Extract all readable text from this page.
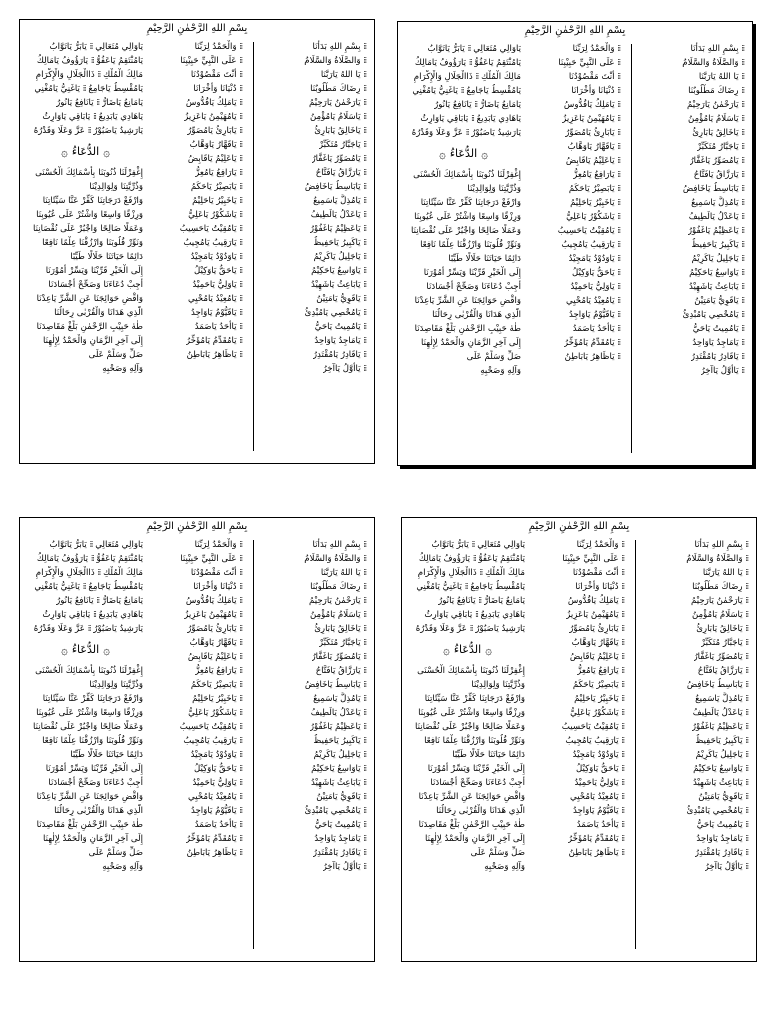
بِسْمِ اللهِ الرَّحْمٰنِ الرَّحِيْمِ
⁞⁞
بِسْمِ اللهِ بَدَأْنَا
⁞⁞
وَالصَّلَاةُ وَالسَّلَامُ
⁞⁞
يَا اللهُ يَارَبَّنَا
⁞⁞
رِضَاكَ مَطْلُوبُنَا
⁞⁞
يَارَحْمٰنُ يَارَحِيْمُ
⁞⁞
يَاسَلَامُ يَامُؤْمِنُ
⁞⁞
يَاخَالِقُ يَابَارِئُ
⁞⁞
يَاجَبَّارُ مُتَكَبِّرْ
⁞⁞
يَامُصَوِّرُ يَاغَفَّارُ
⁞⁞
يَارَزَّاقُ يَافَتَّاحُ
⁞⁞
يَابَاسِطُ يَاخَافِضُ
⁞⁞
يَامُذِلُّ يَاسَمِيعُ
⁞⁞
يَاعَدْلُ يَالَطِيفُ
⁞⁞
يَاعَظِيْمُ يَاغَفُوْرُ
⁞⁞
يَاكَبِيرُ يَاحَفِيظُ
⁞⁞
يَاجَلِيلُ يَاكَرِيْمُ
⁞⁞
يَاوَاسِعُ يَاحَكِيْمُ
⁞⁞
يَابَاعِثُ يَاشَهِيْدُ
⁞⁞
يَاقَوِيُّ يَامَتِيْنُ
⁞⁞
يَامُحْصِي يَامُبْدِئُ
⁞⁞
يَامُمِيتُ يَاحَيُّ
⁞⁞
يَامَاجِدُ يَاوَاحِدُ
⁞⁞
يَاقَادِرُ يَامُقْتَدِرُ
⁞⁞
يَاأَوَّلُ يَاآخِرُ
⁞⁞
وَالْحَمْدُ لِرَبِّنَا
⁞⁞
عَلَى النَّبِيِّ حَبِيْبِنَا
⁞⁞
أَنْتَ مَقْصُوْدُنَا
⁞⁞
دُنْيَانَا وَأُخْرَانَا
⁞⁞
يَامَلِكُ يَاقُدُّوسُ
⁞⁞
يَامُهَيْمِنُ يَاعَزِيزُ
⁞⁞
يَابَارِئُ يَامُصَوِّرُ
⁞⁞
يَاقَهَّارُ يَاوَهَّابُ
⁞⁞
يَاعَلِيْمُ يَاقَابِضُ
⁞⁞
يَارَافِعُ يَامُعِزُّ
⁞⁞
يَابَصِيْرُ يَاحَكَمُ
⁞⁞
يَاخَبِيْرُ يَاحَلِيْمُ
⁞⁞
يَاشَكُوْرُ يَاعَلِيُّ
⁞⁞
يَامُقِيْتُ يَاحَسِيبُ
⁞⁞
يَارَقِيبُ يَامُجِيبُ
⁞⁞
يَاوَدُوْدُ يَامَجِيْدُ
⁞⁞
يَاحَقُّ يَاوَكِيْلُ
⁞⁞
يَاوَلِيُّ يَاحَمِيْدُ
⁞⁞
يَامُعِيْدُ يَامُحْيِي
⁞⁞
يَاقَيُّوْمُ يَاوَاجِدُ
⁞⁞
يَاأَحَدُ يَاصَمَدُ
⁞⁞
يَامُقَدِّمُ يَامُؤَخِّرُ
⁞⁞
يَاظَاهِرُ يَابَاطِنُ
يَاوَالِي مُتَعَالِي
⁞⁞
يَابَرُّ يَاتَوَّابُ
يَامُنْتَقِمُ يَاعَفُوُّ
⁞⁞
يَارَؤُوفُ يَامَالِكُ
مَالِكَ الْمُلْكِ
⁞⁞
ذَاالْجَلَالِ وَالْإِكْرَامِ
يَامُقْسِطُ يَاجَامِعُ
⁞⁞
يَاغَنِيُّ يَامُغْنِي
يَامَانِعُ يَاضَارُّ
⁞⁞
يَانَافِعُ يَانُورُ
يَاهَادِي يَابَدِيعُ
⁞⁞
يَابَاقِي يَاوَارِثُ
يَارَشِيدُ يَاصَبُوْرُ
⁞⁞
عَزَّ وَعَلَا وَقَدْرُهُ
۞
الدُّعَاءُ
۞
إِغْفِرْلَنَا ذُنُوبَنَا
بِأَسْمَائِكَ الْحُسْنَى
وَذُرِّيَّتِنَا
وَلِوَالِدِيْنَا
وَارْفَعْ دَرَجَاتِنَا
كَفِّرْ عَنَّا سَيِّئَاتِنَا
وَرِزْقًا وَاسِعًا
وَاشْتُرْ عَلَى عُيُوبِنَا
وَعَمَلًا صَالِحًا
وَاجْبُرْ عَلَى نُقْصَانِنَا
وَنَوِّرْ قُلُوبَنَا
وَارْزُقْنَا عِلْمًا نَافِعًا
دَائِمًا حَيَاتَنَا
حَلَالًا طَيِّبًا
إِلَى الْخَيْرِ قَرِّبْنَا
وَيَسِّرْ أُمُوْرَنَا
أَجِبْ دُعَاءَنَا
وَصَحِّحْ أَجْسَادَنَا
وَاقْضِ حَوَائِجَنَا
عَنِ الشَّرِّ يَاعِدْنَا
الَّذِي هَدَانَا
وَالْقُرْبٰى رِحَالُنَا
طٰهٰ حَبِيْبِ الرَّحْمٰنِ
بَلِّغْ مَقَاصِدَنَا
إِلَى آخِرِ الزَّمَانِ
وَالْحَمْدُ لِإِلٰهِنَا
صَلِّ وَسَلِّمْ عَلَى
وَآلِهِ وَصَحْبِهِ
بِسْمِ اللهِ الرَّحْمٰنِ الرَّحِيْمِ
⁞⁞
بِسْمِ اللهِ بَدَأْنَا
⁞⁞
وَالصَّلَاةُ وَالسَّلَامُ
⁞⁞
يَا اللهُ يَارَبَّنَا
⁞⁞
رِضَاكَ مَطْلُوبُنَا
⁞⁞
يَارَحْمٰنُ يَارَحِيْمُ
⁞⁞
يَاسَلَامُ يَامُؤْمِنُ
⁞⁞
يَاخَالِقُ يَابَارِئُ
⁞⁞
يَاجَبَّارُ مُتَكَبِّرْ
⁞⁞
يَامُصَوِّرُ يَاغَفَّارُ
⁞⁞
يَارَزَّاقُ يَافَتَّاحُ
⁞⁞
يَابَاسِطُ يَاخَافِضُ
⁞⁞
يَامُذِلُّ يَاسَمِيعُ
⁞⁞
يَاعَدْلُ يَالَطِيفُ
⁞⁞
يَاعَظِيْمُ يَاغَفُوْرُ
⁞⁞
يَاكَبِيرُ يَاحَفِيظُ
⁞⁞
يَاجَلِيلُ يَاكَرِيْمُ
⁞⁞
يَاوَاسِعُ يَاحَكِيْمُ
⁞⁞
يَابَاعِثُ يَاشَهِيْدُ
⁞⁞
يَاقَوِيُّ يَامَتِيْنُ
⁞⁞
يَامُحْصِي يَامُبْدِئُ
⁞⁞
يَامُمِيتُ يَاحَيُّ
⁞⁞
يَامَاجِدُ يَاوَاحِدُ
⁞⁞
يَاقَادِرُ يَامُقْتَدِرُ
⁞⁞
يَاأَوَّلُ يَاآخِرُ
⁞⁞
وَالْحَمْدُ لِرَبِّنَا
⁞⁞
عَلَى النَّبِيِّ حَبِيْبِنَا
⁞⁞
أَنْتَ مَقْصُوْدُنَا
⁞⁞
دُنْيَانَا وَأُخْرَانَا
⁞⁞
يَامَلِكُ يَاقُدُّوسُ
⁞⁞
يَامُهَيْمِنُ يَاعَزِيزُ
⁞⁞
يَابَارِئُ يَامُصَوِّرُ
⁞⁞
يَاقَهَّارُ يَاوَهَّابُ
⁞⁞
يَاعَلِيْمُ يَاقَابِضُ
⁞⁞
يَارَافِعُ يَامُعِزُّ
⁞⁞
يَابَصِيْرُ يَاحَكَمُ
⁞⁞
يَاخَبِيْرُ يَاحَلِيْمُ
⁞⁞
يَاشَكُوْرُ يَاعَلِيُّ
⁞⁞
يَامُقِيْتُ يَاحَسِيبُ
⁞⁞
يَارَقِيبُ يَامُجِيبُ
⁞⁞
يَاوَدُوْدُ يَامَجِيْدُ
⁞⁞
يَاحَقُّ يَاوَكِيْلُ
⁞⁞
يَاوَلِيُّ يَاحَمِيْدُ
⁞⁞
يَامُعِيْدُ يَامُحْيِي
⁞⁞
يَاقَيُّوْمُ يَاوَاجِدُ
⁞⁞
يَاأَحَدُ يَاصَمَدُ
⁞⁞
يَامُقَدِّمُ يَامُؤَخِّرُ
⁞⁞
يَاظَاهِرُ يَابَاطِنُ
يَاوَالِي مُتَعَالِي
⁞⁞
يَابَرُّ يَاتَوَّابُ
يَامُنْتَقِمُ يَاعَفُوُّ
⁞⁞
يَارَؤُوفُ يَامَالِكُ
مَالِكَ الْمُلْكِ
⁞⁞
ذَاالْجَلَالِ وَالْإِكْرَامِ
يَامُقْسِطُ يَاجَامِعُ
⁞⁞
يَاغَنِيُّ يَامُغْنِي
يَامَانِعُ يَاضَارُّ
⁞⁞
يَانَافِعُ يَانُورُ
يَاهَادِي يَابَدِيعُ
⁞⁞
يَابَاقِي يَاوَارِثُ
يَارَشِيدُ يَاصَبُوْرُ
⁞⁞
عَزَّ وَعَلَا وَقَدْرُهُ
۞
الدُّعَاءُ
۞
إِغْفِرْلَنَا ذُنُوبَنَا
بِأَسْمَائِكَ الْحُسْنَى
وَذُرِّيَّتِنَا
وَلِوَالِدِيْنَا
وَارْفَعْ دَرَجَاتِنَا
كَفِّرْ عَنَّا سَيِّئَاتِنَا
وَرِزْقًا وَاسِعًا
وَاشْتُرْ عَلَى عُيُوبِنَا
وَعَمَلًا صَالِحًا
وَاجْبُرْ عَلَى نُقْصَانِنَا
وَنَوِّرْ قُلُوبَنَا
وَارْزُقْنَا عِلْمًا نَافِعًا
دَائِمًا حَيَاتَنَا
حَلَالًا طَيِّبًا
إِلَى الْخَيْرِ قَرِّبْنَا
وَيَسِّرْ أُمُوْرَنَا
أَجِبْ دُعَاءَنَا
وَصَحِّحْ أَجْسَادَنَا
وَاقْضِ حَوَائِجَنَا
عَنِ الشَّرِّ يَاعِدْنَا
الَّذِي هَدَانَا
وَالْقُرْبٰى رِحَالُنَا
طٰهٰ حَبِيْبِ الرَّحْمٰنِ
بَلِّغْ مَقَاصِدَنَا
إِلَى آخِرِ الزَّمَانِ
وَالْحَمْدُ لِإِلٰهِنَا
صَلِّ وَسَلِّمْ عَلَى
وَآلِهِ وَصَحْبِهِ
بِسْمِ اللهِ الرَّحْمٰنِ الرَّحِيْمِ
⁞⁞
بِسْمِ اللهِ بَدَأْنَا
⁞⁞
وَالصَّلَاةُ وَالسَّلَامُ
⁞⁞
يَا اللهُ يَارَبَّنَا
⁞⁞
رِضَاكَ مَطْلُوبُنَا
⁞⁞
يَارَحْمٰنُ يَارَحِيْمُ
⁞⁞
يَاسَلَامُ يَامُؤْمِنُ
⁞⁞
يَاخَالِقُ يَابَارِئُ
⁞⁞
يَاجَبَّارُ مُتَكَبِّرْ
⁞⁞
يَامُصَوِّرُ يَاغَفَّارُ
⁞⁞
يَارَزَّاقُ يَافَتَّاحُ
⁞⁞
يَابَاسِطُ يَاخَافِضُ
⁞⁞
يَامُذِلُّ يَاسَمِيعُ
⁞⁞
يَاعَدْلُ يَالَطِيفُ
⁞⁞
يَاعَظِيْمُ يَاغَفُوْرُ
⁞⁞
يَاكَبِيرُ يَاحَفِيظُ
⁞⁞
يَاجَلِيلُ يَاكَرِيْمُ
⁞⁞
يَاوَاسِعُ يَاحَكِيْمُ
⁞⁞
يَابَاعِثُ يَاشَهِيْدُ
⁞⁞
يَاقَوِيُّ يَامَتِيْنُ
⁞⁞
يَامُحْصِي يَامُبْدِئُ
⁞⁞
يَامُمِيتُ يَاحَيُّ
⁞⁞
يَامَاجِدُ يَاوَاحِدُ
⁞⁞
يَاقَادِرُ يَامُقْتَدِرُ
⁞⁞
يَاأَوَّلُ يَاآخِرُ
⁞⁞
وَالْحَمْدُ لِرَبِّنَا
⁞⁞
عَلَى النَّبِيِّ حَبِيْبِنَا
⁞⁞
أَنْتَ مَقْصُوْدُنَا
⁞⁞
دُنْيَانَا وَأُخْرَانَا
⁞⁞
يَامَلِكُ يَاقُدُّوسُ
⁞⁞
يَامُهَيْمِنُ يَاعَزِيزُ
⁞⁞
يَابَارِئُ يَامُصَوِّرُ
⁞⁞
يَاقَهَّارُ يَاوَهَّابُ
⁞⁞
يَاعَلِيْمُ يَاقَابِضُ
⁞⁞
يَارَافِعُ يَامُعِزُّ
⁞⁞
يَابَصِيْرُ يَاحَكَمُ
⁞⁞
يَاخَبِيْرُ يَاحَلِيْمُ
⁞⁞
يَاشَكُوْرُ يَاعَلِيُّ
⁞⁞
يَامُقِيْتُ يَاحَسِيبُ
⁞⁞
يَارَقِيبُ يَامُجِيبُ
⁞⁞
يَاوَدُوْدُ يَامَجِيْدُ
⁞⁞
يَاحَقُّ يَاوَكِيْلُ
⁞⁞
يَاوَلِيُّ يَاحَمِيْدُ
⁞⁞
يَامُعِيْدُ يَامُحْيِي
⁞⁞
يَاقَيُّوْمُ يَاوَاجِدُ
⁞⁞
يَاأَحَدُ يَاصَمَدُ
⁞⁞
يَامُقَدِّمُ يَامُؤَخِّرُ
⁞⁞
يَاظَاهِرُ يَابَاطِنُ
يَاوَالِي مُتَعَالِي
⁞⁞
يَابَرُّ يَاتَوَّابُ
يَامُنْتَقِمُ يَاعَفُوُّ
⁞⁞
يَارَؤُوفُ يَامَالِكُ
مَالِكَ الْمُلْكِ
⁞⁞
ذَاالْجَلَالِ وَالْإِكْرَامِ
يَامُقْسِطُ يَاجَامِعُ
⁞⁞
يَاغَنِيُّ يَامُغْنِي
يَامَانِعُ يَاضَارُّ
⁞⁞
يَانَافِعُ يَانُورُ
يَاهَادِي يَابَدِيعُ
⁞⁞
يَابَاقِي يَاوَارِثُ
يَارَشِيدُ يَاصَبُوْرُ
⁞⁞
عَزَّ وَعَلَا وَقَدْرُهُ
۞
الدُّعَاءُ
۞
إِغْفِرْلَنَا ذُنُوبَنَا
بِأَسْمَائِكَ الْحُسْنَى
وَذُرِّيَّتِنَا
وَلِوَالِدِيْنَا
وَارْفَعْ دَرَجَاتِنَا
كَفِّرْ عَنَّا سَيِّئَاتِنَا
وَرِزْقًا وَاسِعًا
وَاشْتُرْ عَلَى عُيُوبِنَا
وَعَمَلًا صَالِحًا
وَاجْبُرْ عَلَى نُقْصَانِنَا
وَنَوِّرْ قُلُوبَنَا
وَارْزُقْنَا عِلْمًا نَافِعًا
دَائِمًا حَيَاتَنَا
حَلَالًا طَيِّبًا
إِلَى الْخَيْرِ قَرِّبْنَا
وَيَسِّرْ أُمُوْرَنَا
أَجِبْ دُعَاءَنَا
وَصَحِّحْ أَجْسَادَنَا
وَاقْضِ حَوَائِجَنَا
عَنِ الشَّرِّ يَاعِدْنَا
الَّذِي هَدَانَا
وَالْقُرْبٰى رِحَالُنَا
طٰهٰ حَبِيْبِ الرَّحْمٰنِ
بَلِّغْ مَقَاصِدَنَا
إِلَى آخِرِ الزَّمَانِ
وَالْحَمْدُ لِإِلٰهِنَا
صَلِّ وَسَلِّمْ عَلَى
وَآلِهِ وَصَحْبِهِ
بِسْمِ اللهِ الرَّحْمٰنِ الرَّحِيْمِ
⁞⁞
بِسْمِ اللهِ بَدَأْنَا
⁞⁞
وَالصَّلَاةُ وَالسَّلَامُ
⁞⁞
يَا اللهُ يَارَبَّنَا
⁞⁞
رِضَاكَ مَطْلُوبُنَا
⁞⁞
يَارَحْمٰنُ يَارَحِيْمُ
⁞⁞
يَاسَلَامُ يَامُؤْمِنُ
⁞⁞
يَاخَالِقُ يَابَارِئُ
⁞⁞
يَاجَبَّارُ مُتَكَبِّرْ
⁞⁞
يَامُصَوِّرُ يَاغَفَّارُ
⁞⁞
يَارَزَّاقُ يَافَتَّاحُ
⁞⁞
يَابَاسِطُ يَاخَافِضُ
⁞⁞
يَامُذِلُّ يَاسَمِيعُ
⁞⁞
يَاعَدْلُ يَالَطِيفُ
⁞⁞
يَاعَظِيْمُ يَاغَفُوْرُ
⁞⁞
يَاكَبِيرُ يَاحَفِيظُ
⁞⁞
يَاجَلِيلُ يَاكَرِيْمُ
⁞⁞
يَاوَاسِعُ يَاحَكِيْمُ
⁞⁞
يَابَاعِثُ يَاشَهِيْدُ
⁞⁞
يَاقَوِيُّ يَامَتِيْنُ
⁞⁞
يَامُحْصِي يَامُبْدِئُ
⁞⁞
يَامُمِيتُ يَاحَيُّ
⁞⁞
يَامَاجِدُ يَاوَاحِدُ
⁞⁞
يَاقَادِرُ يَامُقْتَدِرُ
⁞⁞
يَاأَوَّلُ يَاآخِرُ
⁞⁞
وَالْحَمْدُ لِرَبِّنَا
⁞⁞
عَلَى النَّبِيِّ حَبِيْبِنَا
⁞⁞
أَنْتَ مَقْصُوْدُنَا
⁞⁞
دُنْيَانَا وَأُخْرَانَا
⁞⁞
يَامَلِكُ يَاقُدُّوسُ
⁞⁞
يَامُهَيْمِنُ يَاعَزِيزُ
⁞⁞
يَابَارِئُ يَامُصَوِّرُ
⁞⁞
يَاقَهَّارُ يَاوَهَّابُ
⁞⁞
يَاعَلِيْمُ يَاقَابِضُ
⁞⁞
يَارَافِعُ يَامُعِزُّ
⁞⁞
يَابَصِيْرُ يَاحَكَمُ
⁞⁞
يَاخَبِيْرُ يَاحَلِيْمُ
⁞⁞
يَاشَكُوْرُ يَاعَلِيُّ
⁞⁞
يَامُقِيْتُ يَاحَسِيبُ
⁞⁞
يَارَقِيبُ يَامُجِيبُ
⁞⁞
يَاوَدُوْدُ يَامَجِيْدُ
⁞⁞
يَاحَقُّ يَاوَكِيْلُ
⁞⁞
يَاوَلِيُّ يَاحَمِيْدُ
⁞⁞
يَامُعِيْدُ يَامُحْيِي
⁞⁞
يَاقَيُّوْمُ يَاوَاجِدُ
⁞⁞
يَاأَحَدُ يَاصَمَدُ
⁞⁞
يَامُقَدِّمُ يَامُؤَخِّرُ
⁞⁞
يَاظَاهِرُ يَابَاطِنُ
يَاوَالِي مُتَعَالِي
⁞⁞
يَابَرُّ يَاتَوَّابُ
يَامُنْتَقِمُ يَاعَفُوُّ
⁞⁞
يَارَؤُوفُ يَامَالِكُ
مَالِكَ الْمُلْكِ
⁞⁞
ذَاالْجَلَالِ وَالْإِكْرَامِ
يَامُقْسِطُ يَاجَامِعُ
⁞⁞
يَاغَنِيُّ يَامُغْنِي
يَامَانِعُ يَاضَارُّ
⁞⁞
يَانَافِعُ يَانُورُ
يَاهَادِي يَابَدِيعُ
⁞⁞
يَابَاقِي يَاوَارِثُ
يَارَشِيدُ يَاصَبُوْرُ
⁞⁞
عَزَّ وَعَلَا وَقَدْرُهُ
۞
الدُّعَاءُ
۞
إِغْفِرْلَنَا ذُنُوبَنَا
بِأَسْمَائِكَ الْحُسْنَى
وَذُرِّيَّتِنَا
وَلِوَالِدِيْنَا
وَارْفَعْ دَرَجَاتِنَا
كَفِّرْ عَنَّا سَيِّئَاتِنَا
وَرِزْقًا وَاسِعًا
وَاشْتُرْ عَلَى عُيُوبِنَا
وَعَمَلًا صَالِحًا
وَاجْبُرْ عَلَى نُقْصَانِنَا
وَنَوِّرْ قُلُوبَنَا
وَارْزُقْنَا عِلْمًا نَافِعًا
دَائِمًا حَيَاتَنَا
حَلَالًا طَيِّبًا
إِلَى الْخَيْرِ قَرِّبْنَا
وَيَسِّرْ أُمُوْرَنَا
أَجِبْ دُعَاءَنَا
وَصَحِّحْ أَجْسَادَنَا
وَاقْضِ حَوَائِجَنَا
عَنِ الشَّرِّ يَاعِدْنَا
الَّذِي هَدَانَا
وَالْقُرْبٰى رِحَالُنَا
طٰهٰ حَبِيْبِ الرَّحْمٰنِ
بَلِّغْ مَقَاصِدَنَا
إِلَى آخِرِ الزَّمَانِ
وَالْحَمْدُ لِإِلٰهِنَا
صَلِّ وَسَلِّمْ عَلَى
وَآلِهِ وَصَحْبِهِ
